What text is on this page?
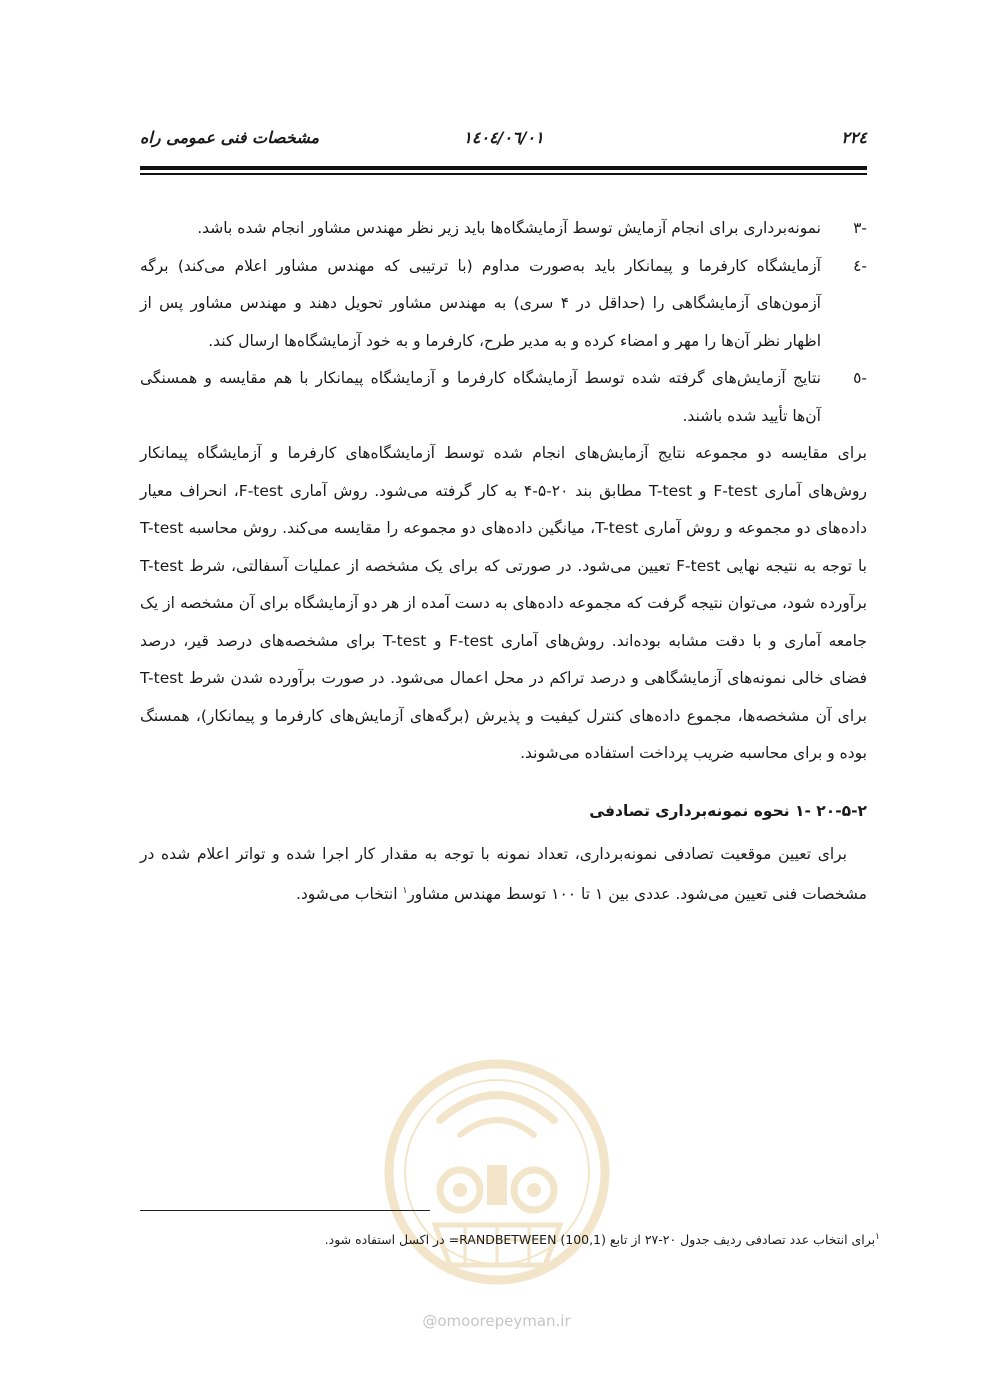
۲۲٤
۱٤۰٤/۰٦/۰۱
مشخصات فنی عمومی راه
-۳
نمونه‌برداری برای انجام آزمایش توسط آزمایشگاه‌ها باید زیر نظر مهندس مشاور انجام شده باشد.
-٤
آزمایشگاه کارفرما و پیمانکار باید به‌صورت مداوم (با ترتیبی که مهندس مشاور اعلام می‌کند) برگه آزمون‌های آزمایشگاهی را (حداقل در ۴ سری) به مهندس مشاور تحویل دهند و مهندس مشاور پس از اظهار نظر آن‌ها را مهر و امضاء کرده و به مدیر طرح، کارفرما و به خود آزمایشگاه‌ها ارسال کند.
-٥
نتایج آزمایش‌های گرفته شده توسط آزمایشگاه کارفرما و آزمایشگاه پیمانکار با هم مقایسه و همسنگی آن‌ها تأیید شده باشند.

برای مقایسه دو مجموعه نتایج آزمایش‌های انجام شده توسط آزمایشگاه‌های کارفرما و آزمایشگاه پیمانکار روش‌های آماری F-test و T-test مطابق بند ۲۰-۵-۴ به کار گرفته می‌شود. روش آماری F-test، انحراف معیار داده‌های دو مجموعه و روش آماری T-test، میانگین داده‌های دو مجموعه را مقایسه می‌کند. روش محاسبه T-test با توجه به نتیجه نهایی F-test تعیین می‌شود. در صورتی که برای یک مشخصه از عملیات آسفالتی، شرط T-test برآورده شود، می‌توان نتیجه گرفت که مجموعه داده‌های به دست آمده از هر دو آزمایشگاه برای آن مشخصه از یک جامعه آماری و با دقت مشابه بوده‌اند. روش‌های آماری F-test و T-test برای مشخصه‌های درصد قیر، درصد فضای خالی نمونه‌های آزمایشگاهی و درصد تراکم در محل اعمال می‌شود. در صورت برآورده شدن شرط T-test برای آن مشخصه‌ها، مجموع داده‌های کنترل کیفیت و پذیرش (برگه‌های آزمایش‌های کارفرما و پیمانکار)، همسنگ بوده و برای محاسبه ضریب پرداخت استفاده می‌شوند.

۲۰-۵-۲ -۱ نحوه نمونه‌برداری تصادفی

برای تعیین موقعیت تصادفی نمونه‌برداری، تعداد نمونه با توجه به مقدار کار اجرا شده و تواتر اعلام شده در مشخصات فنی تعیین می‌شود. عددی بین ۱ تا ۱۰۰ توسط مهندس مشاور$^۱$ انتخاب می‌شود.

$^۱$برای انتخاب عدد تصادفی ردیف جدول ۲۰-۲۷ از تابع RANDBETWEEN (100,1)= در اکسل استفاده شود.
@omoorepeyman.ir
